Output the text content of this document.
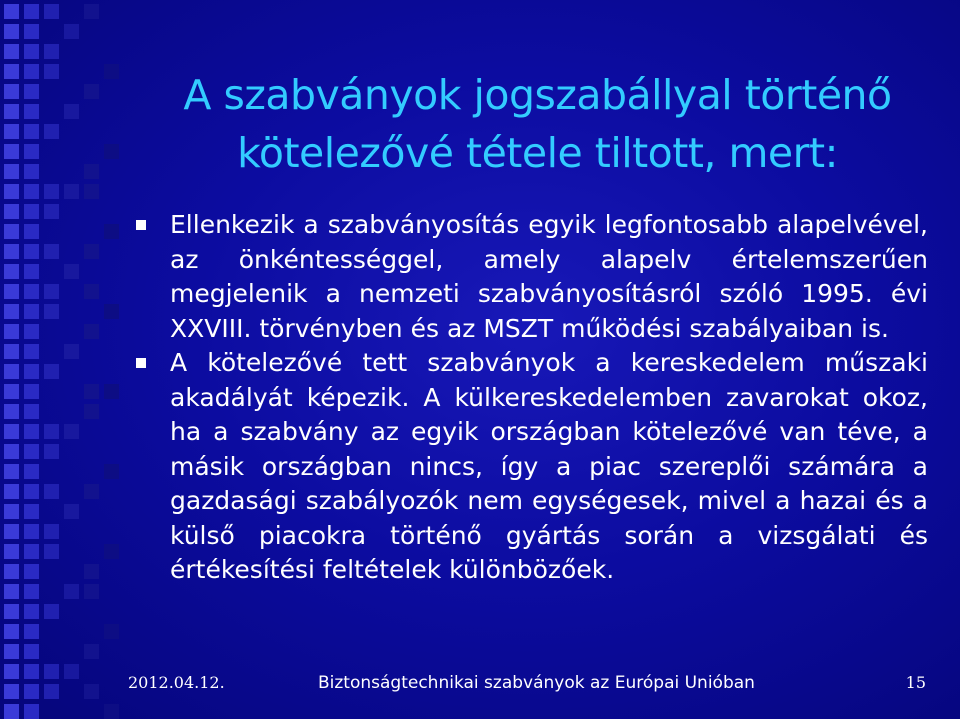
A szabványok jogszabállyal történő kötelezővé tétele tiltott, mert:
Ellenkezik a szabványosítás egyik legfontosabb alapelvével, az önkéntességgel, amely alapelv értelemszerűen megjelenik a nemzeti szabványosításról szóló 1995. évi XXVIII. törvényben és az MSZT működési szabályaiban is.
A kötelezővé tett szabványok a kereskedelem műszaki akadályát képezik. A külkereskedelemben zavarokat okoz, ha a szabvány az egyik országban kötelezővé van téve, a másik országban nincs, így a piac szereplői számára a gazdasági szabályozók nem egységesek, mivel a hazai és a külső piacokra történő gyártás során a vizsgálati és értékesítési feltételek különbözőek.
2012.04.12.	Biztonságtechnikai szabványok az Európai Unióban	15
